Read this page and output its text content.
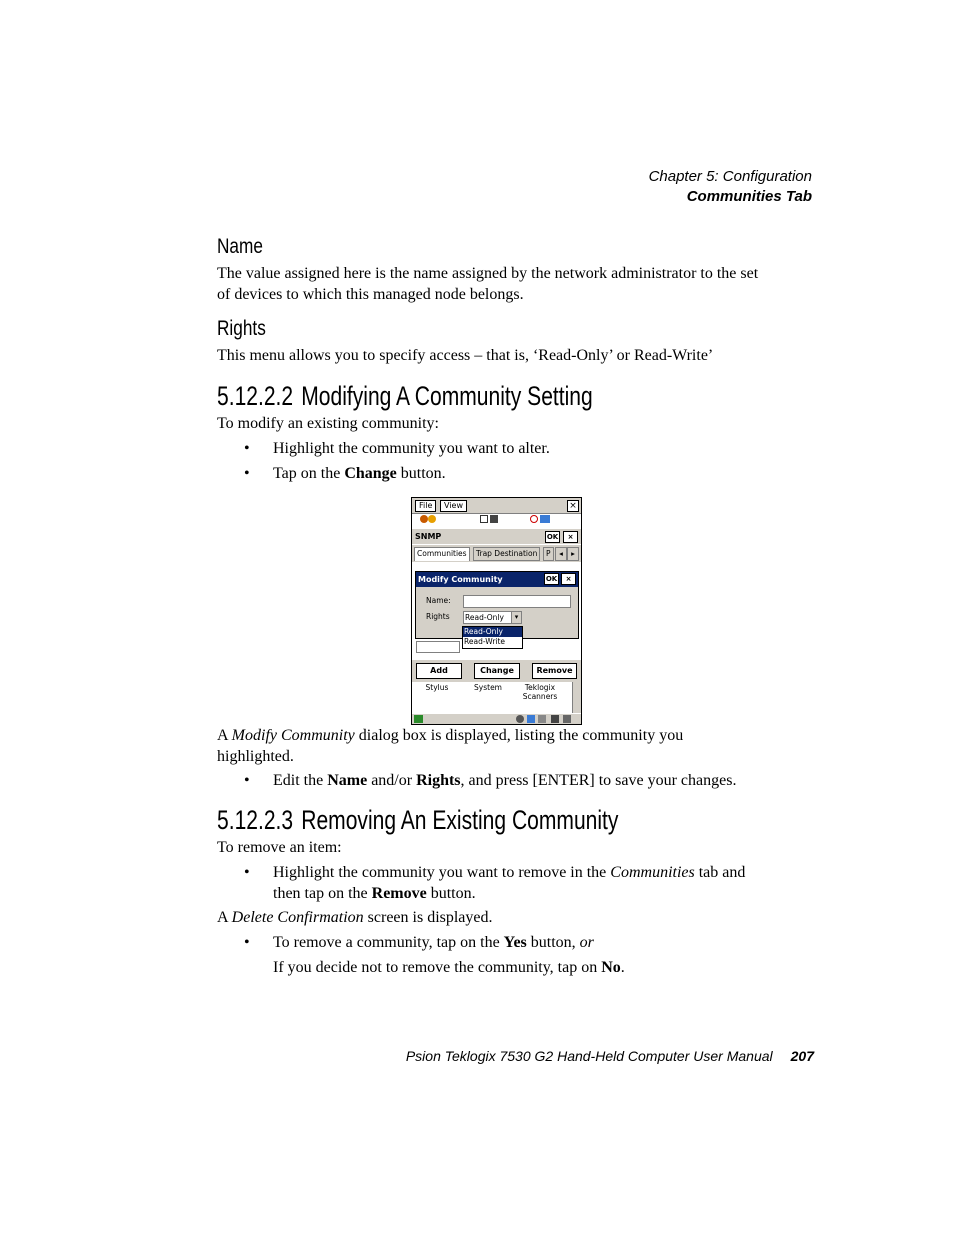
Chapter 5: Configuration
Communities Tab
Name
The value assigned here is the name assigned by the network administrator to the set
of devices to which this managed node belongs.
Rights
This menu allows you to specify access – that is, ‘Read-Only’ or Read-Write’
5.12.2.2 Modifying A Community Setting
To modify an existing community:
•	Highlight the community you want to alter.
•	Tap on the Change button.
File	View	×
SNMP	OK	×
Communities	Trap Destination	P	◂	▸
Modify Community	OK	×
Name:
Rights Read-Only	▾
Read-Only
Read-Write
Add	Change	Remove
Stylus	System	Teklogix Scanners
A Modify Community dialog box is displayed, listing the community you
highlighted.
•	Edit the Name and/or Rights, and press [ENTER] to save your changes.
5.12.2.3 Removing An Existing Community
To remove an item:
•	Highlight the community you want to remove in the Communities tab and
then tap on the Remove button.
A Delete Confirmation screen is displayed.
•	To remove a community, tap on the Yes button, or
If you decide not to remove the community, tap on No.
Psion Teklogix 7530 G2 Hand-Held Computer User Manual 207
